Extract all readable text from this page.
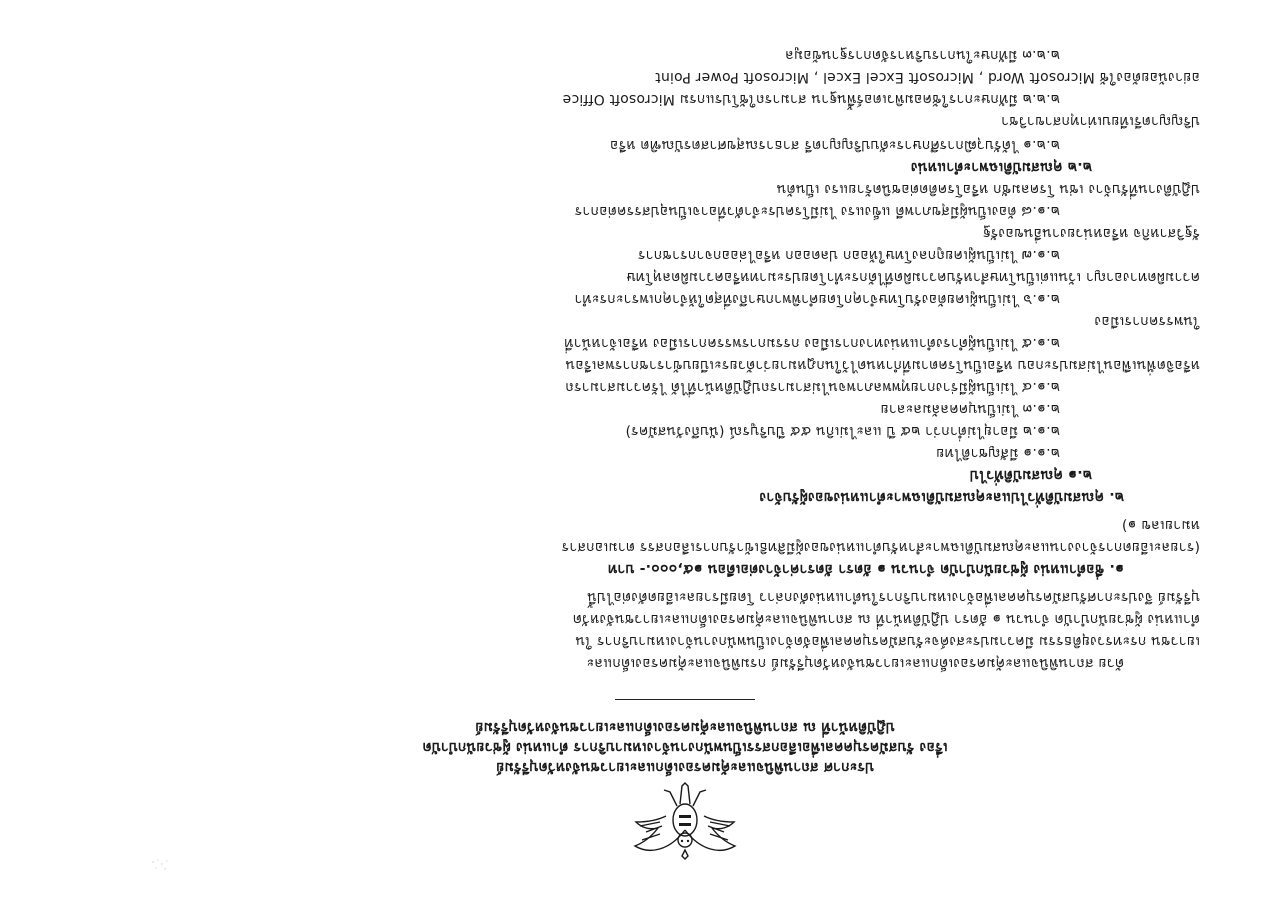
ประกาศ สถานพินิจและคุ้มครองเด็กและเยาวชนจังหวัดบุรีรัมย์
เรื่อง รับสมัครบุคคลเพื่อเลือกสรรเป็นพนักงานจ้างเหมาบริการ ตำแหน่ง ผู้ช่วยนักบำบัด
ปฏิบัติหน้าที่ ณ สถานพินิจและคุ้มครองเด็กและเยาวชนจังหวัดบุรีรัมย์
ด้วย สถานพินิจและคุ้มครองเด็กและเยาวชนจังหวัดบุรีรัมย์ กรมพินิจและคุ้มครองเด็กและ
เยาวชน กระทรวงยุติธรรม มีความประสงค์จะรับสมัครบุคคลเพื่อจัดจ้างเป็นพนักงานจ้างเหมาบริการ ใน
ตำแหน่ง ผู้ช่วยนักบำบัด จำนวน ๑ อัตรา ปฏิบัติหน้าที่ ณ สถานพินิจและคุ้มครองเด็กและเยาวชนจังหวัด
บุรีรัมย์ จึงประกาศรับสมัครบุคคลเพื่อจ้างเหมาบริการในตำแหน่งดังกล่าว โดยมีรายละเอียดดังต่อไปนี้
๑. ชื่อตำแหน่ง ผู้ช่วยนักบำบัด จำนวน ๑ อัตรา อัตราค่าจ้างต่อเดือน ๑๕,๐๐๐.- บาท
(รายละเอียดการจ้างงานและคุณสมบัติเฉพาะสำหรับตำแหน่งของผู้มีสิทธิเข้ารับการเลือกสรร ตามเอกสาร
หมายเลข ๑)
๒. คุณสมบัติทั่วไปและคุณสมบัติเฉพาะตำแหน่งของผู้รับจ้าง
๒.๑ คุณสมบัติทั่วไป
๒.๑.๑ มีสัญชาติไทย
๒.๑.๒ มีอายุไม่ต่ำกว่า ๒๕ ปี และไม่เกิน ๕๕ ปีบริบูรณ์ (นับถึงวันสมัคร)
๒.๑.๓ ไม่เป็นบุคคลล้มละลาย
๒.๑.๔ ไม่เป็นผู้มีร่างกายทุพพลภาพจนไม่สามารถปฏิบัติหน้าที่ได้ ไร้ความสามารถ
หรือจิตฟั่นเฟือนไม่สมประกอบ หรือเป็นโรคตามที่กำหนดไว้ในกฎหมายว่าด้วยระเบียบข้าราชการพลเรือน
๒.๑.๕ ไม่เป็นผู้ดำรงตำแหน่งทางการเมือง กรรมการพรรคการเมือง หรือเจ้าหน้าที่
ในพรรคการเมือง
๒.๑.๖ ไม่เป็นผู้เคยต้องรับโทษจำคุกโดยคำพิพากษาถึงที่สุดให้จำคุกเพราะกระทำ
ความผิดทางอาญา เว้นแต่เป็นโทษสำหรับความผิดที่ได้กระทำโดยประมาทหรือความผิดลหุโทษ
๒.๑.๗ ไม่เป็นผู้เคยถูกลงโทษให้ออก ปลดออก หรือไล่ออกจากราชการ
รัฐวิสาหกิจ หรือหน่วยงานอื่นของรัฐ
๒.๑.๘ ต้องเป็นผู้มีสุขภาพดี แข็งแรง ไม่มีโรคประจำตัวที่อาจเป็นอุปสรรคต่อการ
ปฏิบัติงานที่รับจ้าง เช่น โรคลมชัก หรือโรคติดต่อชนิดร้ายแรง เป็นต้น
๒.๒ คุณสมบัติเฉพาะตำแหน่ง
๒.๒.๑ ได้รับวุฒิการศึกษาระดับปริญญาตรี สาธารณสุขศาสตรบัณฑิต หรือ
ปริญญาตรีเทียบเท่าทุกสาขาวิชา
๒.๒.๒ มีทักษะการใช้คอมพิวเตอร์พื้นฐาน สามารถใช้โปรแกรม Microsoft Office
อย่างน้อยต้องใช้ Microsoft Word , Microsoft Excel Excel , Microsoft Power Point
๒.๒.๓ มีทักษะในการบริหารจัดการฐานข้อมูล
